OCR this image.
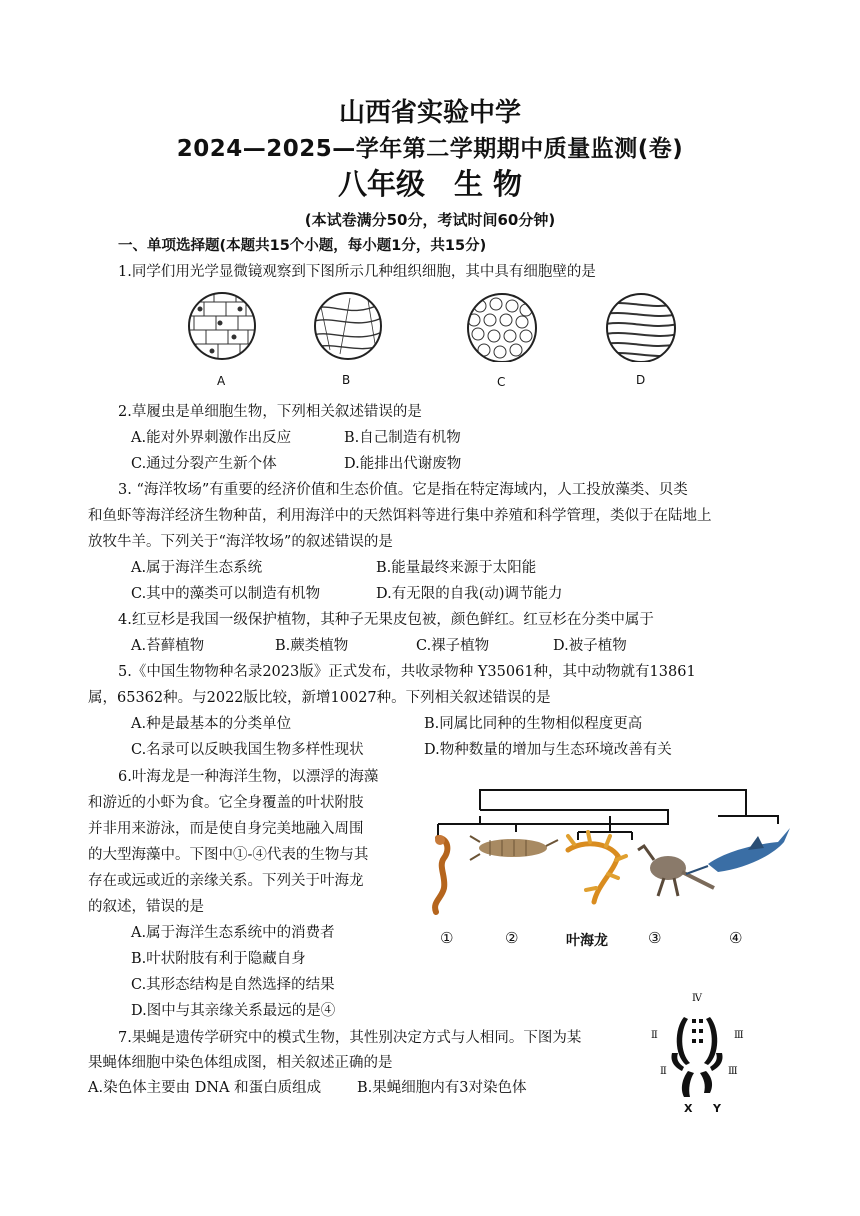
山西省实验中学
2024—2025—学年第二学期期中质量监测(卷)
八年级　生 物
(本试卷满分50分，考试时间60分钟)
一、单项选择题(本题共15个小题，每小题1分，共15分)
1.同学们用光学显微镜观察到下图所示几种组织细胞，其中具有细胞壁的是
A	B	C	D
2.草履虫是单细胞生物，下列相关叙述错误的是
A.能对外界刺激作出反应	B.自己制造有机物
C.通过分裂产生新个体	D.能排出代谢废物
3. “海洋牧场”有重要的经济价值和生态价值。它是指在特定海域内，人工投放藻类、贝类
和鱼虾等海洋经济生物种苗，利用海洋中的天然饵料等进行集中养殖和科学管理，类似于在陆地上
放牧牛羊。下列关于“海洋牧场”的叙述错误的是
A.属于海洋生态系统	B.能量最终来源于太阳能
C.其中的藻类可以制造有机物	D.有无限的自我(动)调节能力
4.红豆杉是我国一级保护植物，其种子无果皮包被，颜色鲜红。红豆杉在分类中属于
A.苔藓植物	B.蕨类植物	C.裸子植物	D.被子植物
5.《中国生物物种名录2023版》正式发布，共收录物种 Y35061种，其中动物就有13861
属，65362种。与2022版比较，新增10027种。下列相关叙述错误的是
A.种是最基本的分类单位	B.同属比同种的生物相似程度更高
C.名录可以反映我国生物多样性现状	D.物种数量的增加与生态环境改善有关
6.叶海龙是一种海洋生物，以漂浮的海藻
和游近的小虾为食。它全身覆盖的叶状附肢
并非用来游泳，而是使自身完美地融入周围
的大型海藻中。下图中①-④代表的生物与其
存在或远或近的亲缘关系。下列关于叶海龙
的叙述，错误的是
A.属于海洋生态系统中的消费者
B.叶状附肢有利于隐藏自身
C.其形态结构是自然选择的结果
D.图中与其亲缘关系最远的是④
①	②	叶海龙	③	④
7.果蝇是遗传学研究中的模式生物，其性别决定方式与人相同。下图为某
果蝇体细胞中染色体组成图，相关叙述正确的是
A.染色体主要由 DNA 和蛋白质组成 B.果蝇细胞内有3对染色体
Ⅳ
Ⅱ	Ⅲ
Ⅱ	Ⅲ
X Y
